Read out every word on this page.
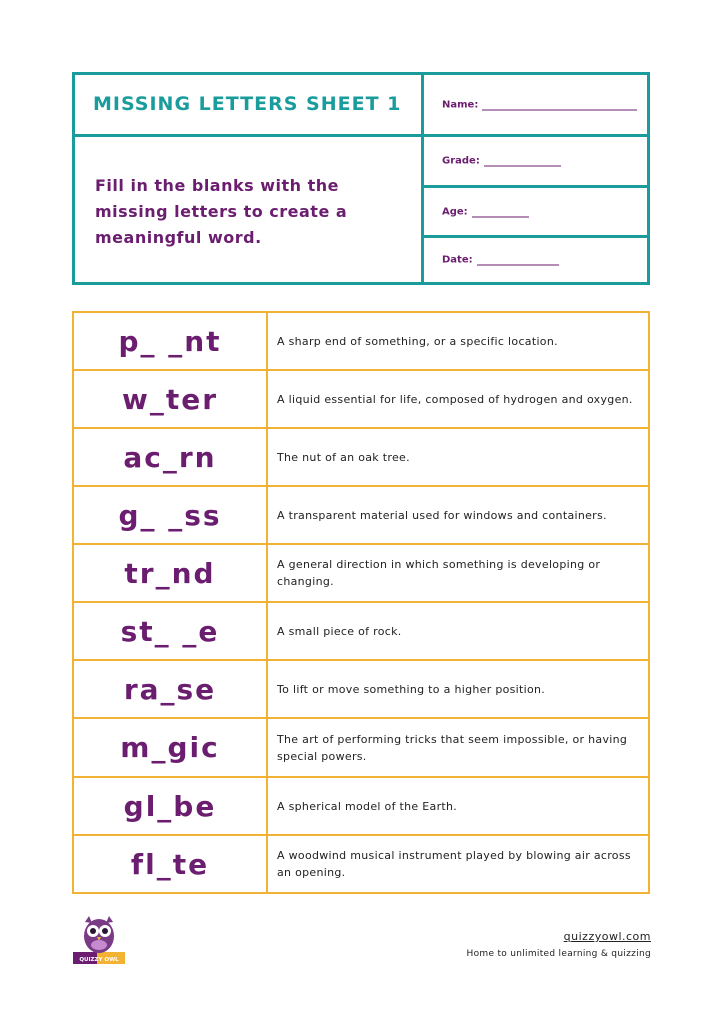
MISSING LETTERS SHEET 1
Fill in the blanks with the missing letters to create a meaningful word.
Name:
Grade:
Age:
Date:
p_ _nt	A sharp end of something, or a specific location.
w_ter	A liquid essential for life, composed of hydrogen and oxygen.
ac_rn	The nut of an oak tree.
g_ _ss	A transparent material used for windows and containers.
tr_nd	A general direction in which something is developing or changing.
st_ _e	A small piece of rock.
ra_se	To lift or move something to a higher position.
m_gic	The art of performing tricks that seem impossible, or having special powers.
gl_be	A spherical model of the Earth.
fl_te	A woodwind musical instrument played by blowing air across an opening.
QUIZZY OWL
quizzyowl.com
Home to unlimited learning & quizzing
